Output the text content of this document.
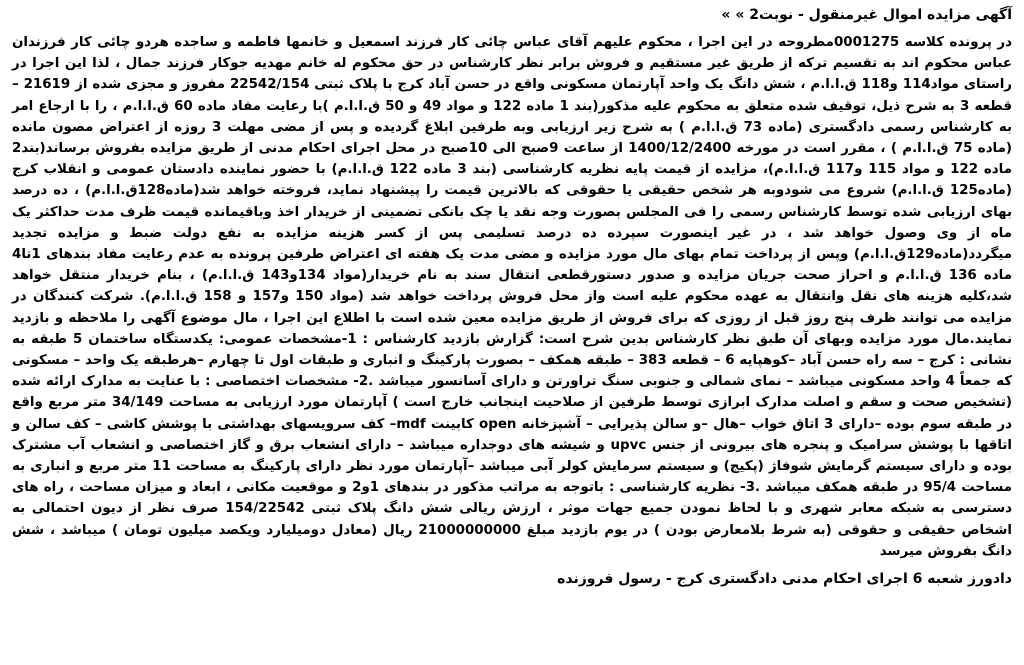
آگهی مزایده اموال غیرمنقول - نوبت2 » »

در پرونده کلاسه 0001275مطروحه در این اجرا ، محکوم علیهم آقای عباس چائی کار فرزند اسمعیل و خانمها فاطمه و ساجده هردو چائی کار فرزندان عباس محکوم اند به تقسیم ترکه از طریق غیر مستقیم و فروش برابر نظر کارشناس در حق محکوم له خانم مهدیه جوکار فرزند جمال ، لذا این اجرا در راستای مواد114 و118 ق.ا.ا.م ، شش دانگ یک واحد آپارتمان مسکونی واقع در حسن آباد کرج با پلاک ثبتی 22542/154 مفروز و مجزی شده از 21619 – قطعه 3 به شرح ذیل، توقیف شده متعلق به محکوم علیه مذکور(بند 1 ماده 122 و مواد 49 و 50 ق.ا.ا.م )با رعایت مفاد ماده 60 ق.ا.ا.م ، را با ارجاع امر به کارشناس رسمی دادگستری (ماده 73 ق.ا.ا.م ) به شرح زیر ارزیابی وبه طرفین ابلاغ گردیده و پس از مضی مهلت 3 روزه از اعتراض مصون مانده (ماده 75 ق.ا.ا.م ) ، مقرر است در مورخه 1400/12/2400 از ساعت 9صبح الی 10صبح در محل اجرای احکام مدنی از طریق مزایده بفروش برساند(بند2 ماده 122 و مواد 115 و117 ق.ا.ا.م)، مزایده از قیمت پایه نظریه کارشناسی (بند 3 ماده 122 ق.ا.ا.م) با حضور نماینده دادستان عمومی و انقلاب کرج (ماده125 ق.ا.ا.م) شروع می شودوبه هر شخص حقیقی یا حقوقی که بالاترین قیمت را پیشنهاد نماید، فروخته خواهد شد(ماده128ق.ا.ا.م) ، ده درصد بهای ارزیابی شده توسط کارشناس رسمی را فی المجلس بصورت وجه نقد یا چک بانکی تضمینی از خریدار اخذ وباقیمانده قیمت ظرف مدت حداکثر یک ماه از وی وصول خواهد شد ، در غیر اینصورت سپرده ده درصد تسلیمی پس از کسر هزینه مزایده به نفع دولت ضبط و مزایده تجدید میگردد(ماده129ق.ا.ا.م) وپس از پرداخت تمام بهای مال مورد مزایده و مضی مدت یک هفته ای اعتراض طرفین پرونده به عدم رعایت مفاد بندهای 1تا4 ماده 136 ق.ا.ا.م و احراز صحت جریان مزایده و صدور دستورقطعی انتقال سند به نام خریدار(مواد 134و143 ق.ا.ا.م) ، بنام خریدار منتقل خواهد شد،کلیه هزینه های نقل وانتقال به عهده محکوم علیه است واز محل فروش پرداخت خواهد شد (مواد 150 و157 و 158 ق.ا.ا.م). شرکت کنندگان در مزایده می توانند ظرف پنج روز قبل از روزی که برای فروش از طریق مزایده معین شده است با اطلاع این اجرا ، مال موضوع آگهی را ملاحظه و بازدید نمایند.مال مورد مزایده وبهای آن طبق نظر کارشناس بدین شرح است: گزارش بازدید کارشناس : 1-مشخصات عمومی: یکدستگاه ساختمان 5 طبقه به نشانی : کرج – سه راه حسن آباد –کوهپایه 6 – قطعه 383 – طبقه همکف – بصورت پارکینگ و انباری و طبقات اول تا چهارم –هرطبقه یک واحد – مسکونی که جمعاً 4 واحد مسکونی میباشد – نمای شمالی و جنوبی سنگ تراورتن و دارای آسانسور میباشد .2- مشخصات اختصاصی : با عنایت به مدارک ارائه شده (تشخیص صحت و سقم و اصلت مدارک ابرازی توسط طرفین از صلاحیت اینجانب خارج است ) آپارتمان مورد ارزیابی به مساحت 34/149 متر مربع واقع در طبقه سوم بوده –دارای 3 اتاق خواب –هال –و سالن پذیرایی – آشپزخانه open کابینت mdf– کف سرویسهای بهداشتی با پوشش کاشی – کف سالن و اتاقها با پوشش سرامیک و پنجره های بیرونی از جنس upvc و شیشه های دوجداره میباشد – دارای انشعاب برق و گاز اختصاصی و انشعاب آب مشترک بوده و دارای سیستم گرمایش شوفاژ (پکیج) و سیستم سرمایش کولر آبی میباشد –آپارتمان مورد نظر دارای پارکینگ به مساحت 11 متر مربع و انباری به مساحت 95/4 در طبقه همکف میباشد .3- نظریه کارشناسی : باتوجه به مراتب مذکور در بندهای 1و2 و موقعیت مکانی ، ابعاد و میزان مساحت ، راه های دسترسی به شبکه معابر شهری و با لحاظ نمودن جمیع جهات موثر ، ارزش ریالی شش دانگ پلاک ثبتی 154/22542 صرف نظر از دیون احتمالی به اشخاص حقیقی و حقوقی (به شرط بلامعارض بودن ) در یوم بازدید مبلغ 21000000000 ریال (معادل دومیلیارد ویکصد میلیون تومان ) میباشد ، شش دانگ بفروش میرسد

دادورز شعبه 6 اجرای احکام مدنی دادگستری کرج - رسول فروزنده
